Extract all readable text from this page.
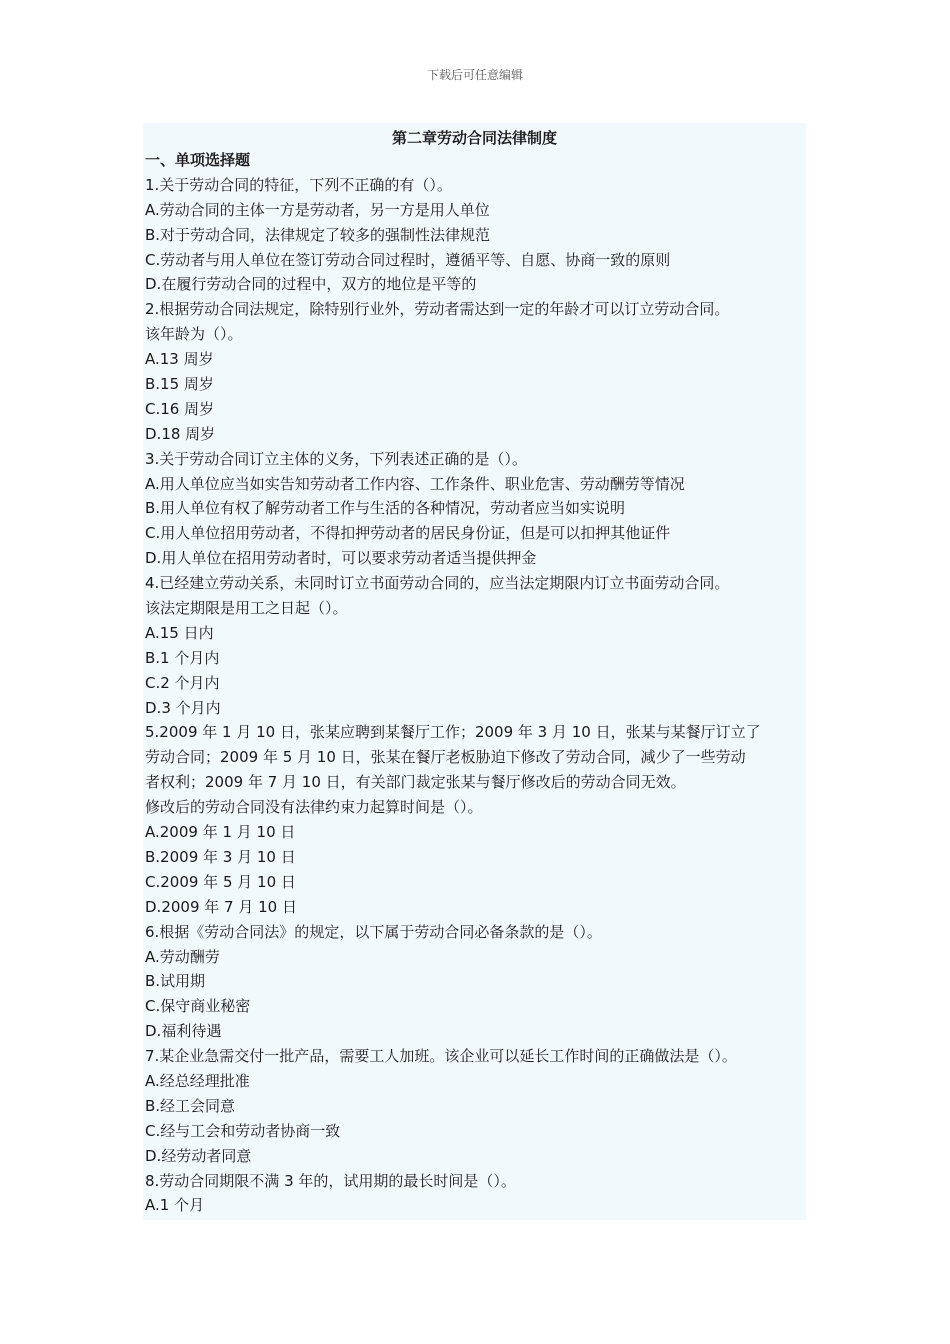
下载后可任意编辑
第二章劳动合同法律制度
一、单项选择题
1.关于劳动合同的特征，下列不正确的有（）。
A.劳动合同的主体一方是劳动者，另一方是用人单位
B.对于劳动合同，法律规定了较多的强制性法律规范
C.劳动者与用人单位在签订劳动合同过程时，遵循平等、自愿、协商一致的原则
D.在履行劳动合同的过程中，双方的地位是平等的
2.根据劳动合同法规定，除特别行业外，劳动者需达到一定的年龄才可以订立劳动合同。
该年龄为（）。
A.13 周岁
B.15 周岁
C.16 周岁
D.18 周岁
3.关于劳动合同订立主体的义务，下列表述正确的是（）。
A.用人单位应当如实告知劳动者工作内容、工作条件、职业危害、劳动酬劳等情况
B.用人单位有权了解劳动者工作与生活的各种情况，劳动者应当如实说明
C.用人单位招用劳动者，不得扣押劳动者的居民身份证，但是可以扣押其他证件
D.用人单位在招用劳动者时，可以要求劳动者适当提供押金
4.已经建立劳动关系，未同时订立书面劳动合同的，应当法定期限内订立书面劳动合同。
该法定期限是用工之日起（）。
A.15 日内
B.1 个月内
C.2 个月内
D.3 个月内
5.2009 年 1 月 10 日，张某应聘到某餐厅工作；2009 年 3 月 10 日，张某与某餐厅订立了
劳动合同；2009 年 5 月 10 日，张某在餐厅老板胁迫下修改了劳动合同，减少了一些劳动
者权利；2009 年 7 月 10 日，有关部门裁定张某与餐厅修改后的劳动合同无效。
修改后的劳动合同没有法律约束力起算时间是（）。
A.2009 年 1 月 10 日
B.2009 年 3 月 10 日
C.2009 年 5 月 10 日
D.2009 年 7 月 10 日
6.根据《劳动合同法》的规定，以下属于劳动合同必备条款的是（）。
A.劳动酬劳
B.试用期
C.保守商业秘密
D.福利待遇
7.某企业急需交付一批产品，需要工人加班。该企业可以延长工作时间的正确做法是（）。
A.经总经理批准
B.经工会同意
C.经与工会和劳动者协商一致
D.经劳动者同意
8.劳动合同期限不满 3 年的，试用期的最长时间是（）。
A.1 个月
